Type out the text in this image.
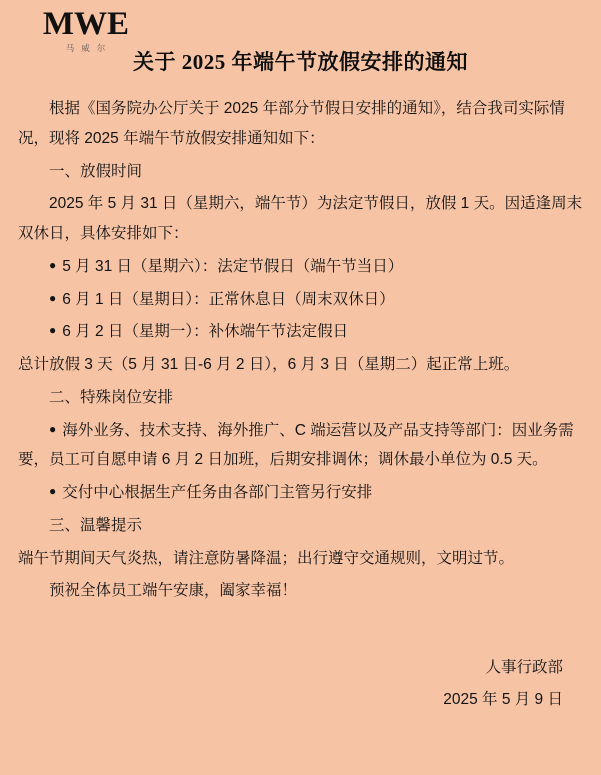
MWE
马威尔
关于 2025 年端午节放假安排的通知

根据《国务院办公厅关于 2025 年部分节假日安排的通知》，结合我司实际情况，现将 2025 年端午节放假安排通知如下：

一、放假时间

2025 年 5 月 31 日（星期六，端午节）为法定节假日，放假 1 天。因适逢周末双休日，具体安排如下：

● 5 月 31 日（星期六）：法定节假日（端午节当日）

● 6 月 1 日（星期日）：正常休息日（周末双休日）

● 6 月 2 日（星期一）：补休端午节法定假日

总计放假 3 天（5 月 31 日-6 月 2 日），6 月 3 日（星期二）起正常上班。

二、特殊岗位安排

● 海外业务、技术支持、海外推广、C 端运营以及产品支持等部门：因业务需要，员工可自愿申请 6 月 2 日加班，后期安排调休；调休最小单位为 0.5 天。

● 交付中心根据生产任务由各部门主管另行安排

三、温馨提示

端午节期间天气炎热，请注意防暑降温；出行遵守交通规则，文明过节。

预祝全体员工端午安康，阖家幸福！

人事行政部
2025 年 5 月 9 日
